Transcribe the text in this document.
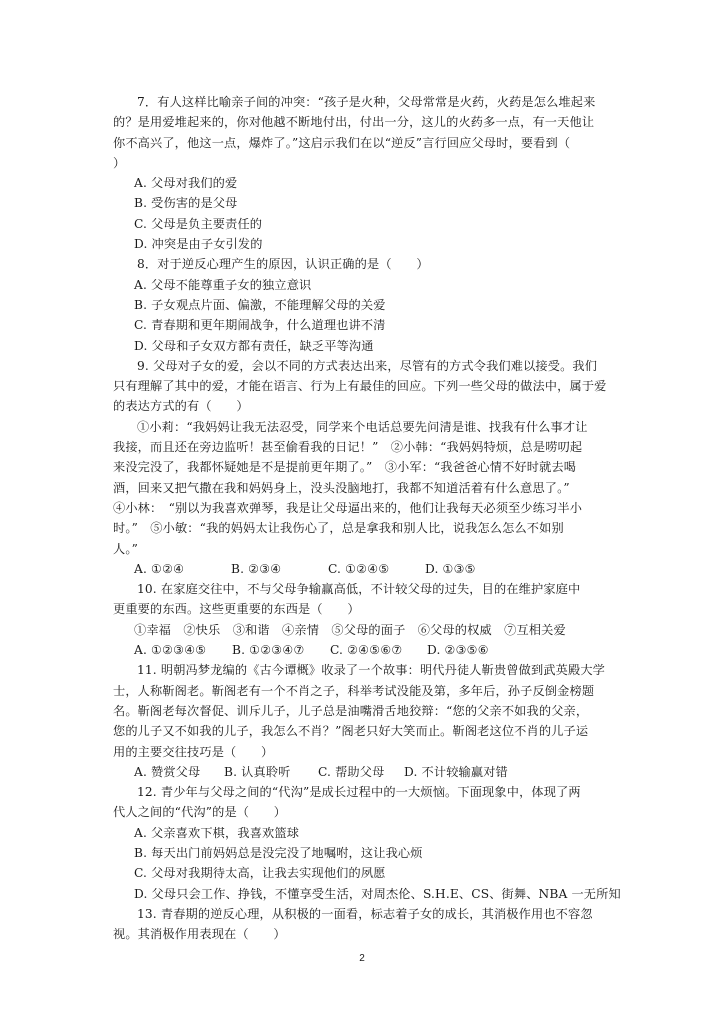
7．有人这样比喻亲子间的冲突：“孩子是火种，父母常常是火药，火药是怎么堆起来
的？是用爱堆起来的，你对他越不断地付出，付出一分，这儿的火药多一点，有一天他让
你不高兴了，他这一点，爆炸了。”这启示我们在以“逆反”言行回应父母时，要看到（
）
A. 父母对我们的爱
B. 受伤害的是父母
C. 父母是负主要责任的
D. 冲突是由子女引发的
8．对于逆反心理产生的原因，认识正确的是（　　）
A. 父母不能尊重子女的独立意识
B. 子女观点片面、偏激，不能理解父母的关爱
C. 青春期和更年期闹战争，什么道理也讲不清
D. 父母和子女双方都有责任，缺乏平等沟通
9. 父母对子女的爱，会以不同的方式表达出来，尽管有的方式令我们难以接受。我们
只有理解了其中的爱，才能在语言、行为上有最佳的回应。下列一些父母的做法中，属于爱
的表达方式的有（　　）
①小莉：“我妈妈让我无法忍受，同学来个电话总要先问清是谁、找我有什么事才让
我接，而且还在旁边监听！甚至偷看我的日记！”　②小韩：“我妈妈特烦，总是唠叨起
来没完没了，我都怀疑她是不是提前更年期了。”　③小军：“我爸爸心情不好时就去喝
酒，回来又把气撒在我和妈妈身上，没头没脑地打，我都不知道活着有什么意思了。”
④小林：　“别以为我喜欢弹琴，我是让父母逼出来的，他们让我每天必须至少练习半小
时。”　⑤小敏：“我的妈妈太让我伤心了，总是拿我和别人比，说我怎么怎么不如别
人。”
A. ①②④	B. ②③④	C. ①②④⑤	D. ①③⑤
10. 在家庭交往中，不与父母争输赢高低，不计较父母的过失，目的在维护家庭中
更重要的东西。这些更重要的东西是（　　）
①幸福　②快乐　③和谐　④亲情　⑤父母的面子　⑥父母的权威　⑦互相关爱
A. ①②③④⑤	B. ①②③④⑦	C. ②④⑤⑥⑦	D. ②③⑤⑥
11. 明朝冯梦龙编的《古今谭概》收录了一个故事：明代丹徒人靳贵曾做到武英殿大学
士，人称靳阁老。靳阁老有一个不肖之子，科举考试没能及第，多年后，孙子反倒金榜题
名。靳阁老每次督促、训斥儿子，儿子总是油嘴滑舌地狡辩：“您的父亲不如我的父亲，
您的儿子又不如我的儿子，我怎么不肖？”阁老只好大笑而止。靳阁老这位不肖的儿子运
用的主要交往技巧是（　　）
A. 赞赏父母	B. 认真聆听	C. 帮助父母	D. 不计较输赢对错
12. 青少年与父母之间的“代沟”是成长过程中的一大烦恼。下面现象中，体现了两
代人之间的“代沟”的是（　　）
A. 父亲喜欢下棋，我喜欢篮球
B. 每天出门前妈妈总是没完没了地嘱咐，这让我心烦
C. 父母对我期待太高，让我去实现他们的夙愿
D. 父母只会工作、挣钱，不懂享受生活，对周杰伦、S.H.E、CS、街舞、NBA 一无所知
13. 青春期的逆反心理，从积极的一面看，标志着子女的成长，其消极作用也不容忽
视。其消极作用表现在（　　）
2
